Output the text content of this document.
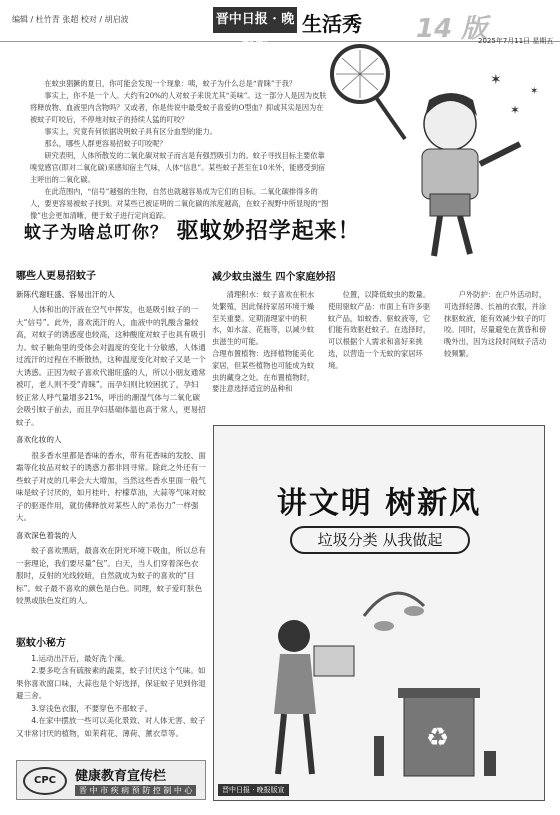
编辑 / 杜竹青 张超 校对 / 胡启波	晋中日报 · 晚报版
生活秀 14 版
2025年7月11日 星期五

在蚊虫猖獗的夏日，你可能会发现一个现象：咦，蚊子为什么总是“青睐”于我？

事实上，你不是一个人。大约有20%的人对蚊子来说尤其“美味”。这一部分人是因为皮肤将释放物、血液里内含物吗？又或者，你是传说中最受蚊子喜爱的O型血？抑或其实是因为在被蚊子叮咬后，不停地对蚊子的持续人猛的叮咬？

事实上，究竟有何依据说明蚊子具有区分血型的能力。

那么，哪些人群更容易招蚊子叮咬呢？

研究表明，人体所散发的二氧化碳对蚊子而言是有强烈吸引力的。蚊子寻找目标主要依靠嗅觉感官(即对二氧化碳)来感知宿主气味，人体“信息”。某些蚊子甚至在10米外，能感受到宿主呼出的二氧化碳。

在此范围内，“信号”越强的生物，自然也就越容易成为它们的目标。二氧化碳排得多的人，要更容易被蚊子找到。对某些已被证明的二氧化碳的浓度越高，在蚊子视野中所显现的“图像”也会更加清晰，便于蚊子进行定向追踪。

✶
✶
✶
蚊子为啥总叮你？ 驱蚊妙招学起来！
哪些人更易招蚊子
新陈代谢旺盛、容易出汗的人
人体和出的汗液在空气中挥发，也是吸引蚊子的一大“信号”。此外，喜欢流汗的人，血液中的乳酸含量较高，对蚊子的诱惑度也较高，这种酸度对蚊子也具有吸引力。蚊子触角里的受体会对温度的变化十分敏感，人体通过流汗的过程在不断散热，这种温度变化对蚊子又是一个大诱惑。正因为蚊子喜欢代谢旺盛的人，所以小朋友通常被叮，老人则不受“青睐”。而孕妇则比较困扰了，孕妇较正常人呼气量增多21%，呼出的潮湿气体与二氧化碳会吸引蚊子前去，而且孕妇基础体温也高于常人，更易招蚊子。
喜欢化妆的人
很多香水里都是香味的香水，带有花香味的发胶、面霜等化妆品对蚊子的诱惑力都非同寻常。除此之外还有一些蚊子对皮的几率会大大增加，当然这些香水里面一般气味是蚊子讨厌的，如月桂叶、柠檬草油，大蒜等气味对蚊子的驱逐作用，就仿佛释放对某些人的“杀伤力”一样强大。
喜欢深色着装的人
蚊子喜欢黑暗，最喜欢在阴光环境下吸血，所以总有一套理论，我们要尽量“包”。白天，当人们穿着深色衣服时，反射的光线较暗，自然就成为蚊子的喜欢的“目标”。蚊子最不喜欢的颜色是白色。同理，蚊子爱叮肤色较黑或肤色发红的人。
减少蚊虫滋生 四个家庭妙招
清理积水：蚊子喜欢在积水处繁殖，因此保持家居环境干燥至关重要。定期清理家中的积水，如水盆、花瓶等，以减少蚊虫滋生的可能。
合理布置植物：选择植物能美化家居，但某些植物也可能成为蚊虫的藏身之处。在布置植物时，要注意选择适宜的品种和
位置，以降低蚊虫的数量。
使用驱蚊产品：市面上有许多驱蚊产品，如蚊香、驱蚊液等，它们能有效驱赶蚊子。在选择时，可以根据个人需求和喜好来挑选，以营造一个无蚊的家居环境。
户外防护：在户外活动时，可选择轻薄、长袖的衣服，并涂
抹驱蚊液，能有效减少蚊子的叮咬。同时，尽量避免在黄昏和傍晚外出，因为这段时间蚊子活动较频繁。
讲文明 树新风
垃圾分类 从我做起
♻
晋中日报 · 晚报版宣
驱蚊小秘方
1.运动出汗后，最好洗个澡。
2.要多吃含有硫胺素的蔬菜，蚊子讨厌这个气味。如果你喜欢窗口味，大蒜也是个好选择，保证蚊子见到你退避三舍。
3.穿浅色衣服，不要穿色不那蚊子。
4.在家中摆放一些可以美化景致、对人体无害、蚊子又非常讨厌的植物，如茉莉花、薄荷、薰衣草等。
CPC	健康教育宣传栏
晋 中 市 疾 病 预 防 控 制 中 心
